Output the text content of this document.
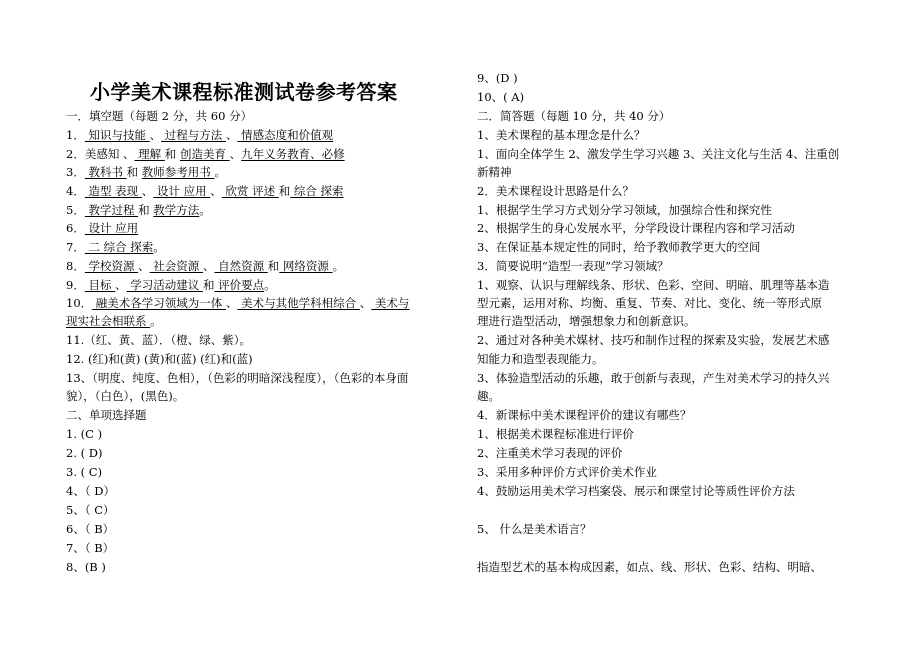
小学美术课程标准测试卷参考答案
一．填空题（每题 2 分，共 60 分）
1． 知识与技能 、 过程与方法 、 情感态度和价值观
2．美感知 、 理解 和 创造美育 、九年义务教育、必修
3． 教科书 和 教师参考用书 。
4． 造型 表现 、 设计 应用 、 欣赏 评述 和 综合 探索
5． 教学过程 和 教学方法。
6． 设计 应用
7． 二 综合 探索。
8． 学校资源 、 社会资源 、 自然资源 和 网络资源 。
9． 目标 、 学习活动建议 和 评价要点。
10． 融美术各学习领域为一体 、 美术与其他学科相综合 、 美术与
现实社会相联系 。
11.（红、黄、蓝）．（橙、绿、紫）。
12. (红)和(黄) (黄)和(蓝) (红)和(蓝)
13、（明度、纯度、色相），（色彩的明暗深浅程度），（色彩的本身面
貌），（白色），(黑色)。
二、单项选择题
1. (C )
2. ( D)
3. ( C)
4、（ D）
5、（ C）
6、（ B）
7、（ B）
8、(B )
9、(D )
10、( A)
二．简答题（每题 10 分，共 40 分）
1、美术课程的基本理念是什么？
1、面向全体学生 2、激发学生学习兴趣 3、关注文化与生活 4、注重创
新精神
2．美术课程设计思路是什么？
1、根据学生学习方式划分学习领域，加强综合性和探究性
2、根据学生的身心发展水平，分学段设计课程内容和学习活动
3、在保证基本规定性的同时，给予教师教学更大的空间
3．简要说明“造型一表现”学习领域？
1、观察、认识与理解线条、形状、色彩、空间、明暗、肌理等基本造
型元素，运用对称、均衡、重复、节奏、对比、变化、统一等形式原
理进行造型活动，增强想象力和创新意识。
2、通过对各种美术媒材、技巧和制作过程的探索及实验，发展艺术感
知能力和造型表现能力。
3、体验造型活动的乐趣，敢于创新与表现，产生对美术学习的持久兴
趣。
4．新课标中美术课程评价的建议有哪些？
1、根据美术课程标准进行评价
2、注重美术学习表现的评价
3、采用多种评价方式评价美术作业
4、鼓励运用美术学习档案袋、展示和课堂讨论等质性评价方法
5、 什么是美术语言？
指造型艺术的基本构成因素，如点、线、形状、色彩、结构、明暗、
